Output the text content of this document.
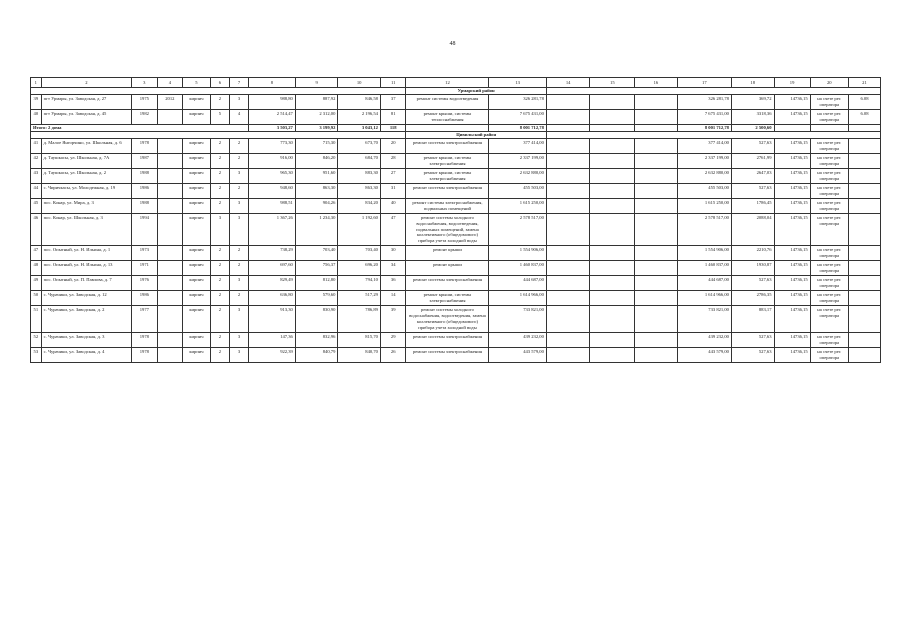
48
1	2	3	4	5	6	7	8	9	10	11	12	13	14	15	16	17	18	19	20	21
											Урмарский район									
39	пгт Урмары, ул. Заводская, д. 27	1975	2012	кирпич	2	3	988,80	887,92	846,58	37	ремонт системы водоотведения	326 281,78				326 281,78	369,72	14736,15	на счете рег. оператора	6.08
40	пгт Урмары, ул. Заводская, д. 45	1982		кирпич	5	4	2 514,47	2 312,00	2 196,54	81	ремонт крыши, системы теплоснабжения	7 675 431,00				7 675 431,00	3318,36	14736,15	на счете рег. оператора	6.08
Итого: 2 дома							3 503,27	3 199,92	3 043,12	118		8 001 712,78				8 001 712,78	2 500,60			
											Цивильский район									
41	д. Малое Янгорчино, ул. Школьная, д. 6	1978		кирпич	2	2	773,30	715,30	673,70	20	ремонт системы электроснабжения	377 414,00				377 414,00	527,63	14736,15	на счете рег. оператора	
42	д. Таушкасы, ул. Школьная, д. 7А	1987		кирпич	2	2	916,00	846,20	684,70	28	ремонт крыши, системы электроснабжения	2 337 199,00				2 337 199,00	2761,99	14736,15	на счете рег. оператора	
43	д. Таушкасы, ул. Школьная, д. 2	1988		кирпич	2	3	965,30	951,60	883,30	27	ремонт крыши, системы электроснабжения	2 632 880,00				2 632 880,00	2647,03	14736,15	на счете рег. оператора	
44	с. Чиричкасы, ул. Молодежная, д. 19	1986		кирпич	2	2	948,60	863,30	863,30	31	ремонт системы электроснабжения	455 503,00				455 503,00	527,63	14736,15	на счете рег. оператора	
45	пос. Конар, ул. Мира, д. 3	1988		кирпич	2	3	988,51	904,26	834,20	40	ремонт системы электроснабжения, подвальных помещений	1 615 250,00				1 615 250,00	1786,45	14736,15	на счете рег. оператора	
46	пос. Конар, ул. Школьная, д. 3	1994		кирпич	3	3	1 367,26	1 234,30	1 192,60	47	ремонт системы холодного водоснабжения, водоотведения, подвальных помещений, замена коллективного (общедомового) прибора учета холодной воды	2 578 517,00				2 578 517,00	2088,04	14736,15	на счете рег. оператора	
47	пос. Опытный, ул. Н. Ильина, д. 1	1973		кирпич	2	2	738,29	703,40	703,40	30	ремонт крыши	1 554 906,00				1 554 906,00	2210,76	14736,15	на счете рег. оператора	
48	пос. Опытный, ул. Н. Ильина, д. 13	1971		кирпич	2	2	697,60	756,37	696,20	34	ремонт крыши	1 460 837,00				1 460 837,00	1930,87	14736,15	на счете рег. оператора	
49	пос. Опытный, ул. П. Павлова, д. 7	1976		кирпич	2	3	829,49	812,80	794,10	36	ремонт системы электроснабжения	444 687,00				444 687,00	527,63	14736,15	на счете рег. оператора	
50	с. Чурачики, ул. Заводская, д. 12	1986		кирпич	2	2	636,80	579,60	517,29	14	ремонт крыши, системы электроснабжения	1 614 966,00				1 614 966,00	2786,35	14736,15	на счете рег. оператора	
51	с. Чурачики, ул. Заводская, д. 2	1977		кирпич	2	3	913,30	830,90	786,89	39	ремонт системы холодного водоснабжения, водоотведения, замена коллективного (общедомового) прибора учета холодной воды	733 821,00				733 821,00	883,17	14736,15	на счете рег. оператора	
52	с. Чурачики, ул. Заводская, д. 3	1978		кирпич	2	3	147,36	832,96	815,70	29	ремонт системы электроснабжения	439 232,00				439 232,00	527,63	14736,15	на счете рег. оператора	
53	с. Чурачики, ул. Заводская, д. 4	1978		кирпич	2	3	922,39	840,79	840,70	26	ремонт системы электроснабжения	443 579,00				443 579,00	527,63	14736,15	на счете рег. оператора	
